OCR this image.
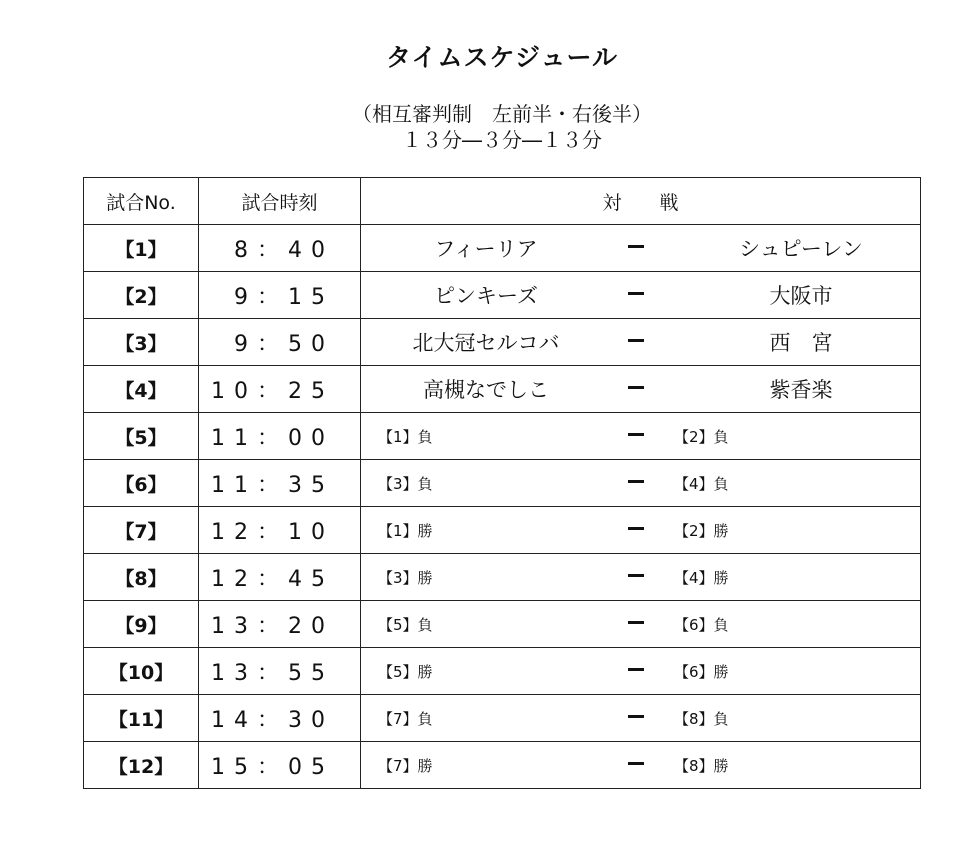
タイムスケジュール
（相互審判制　左前半・右後半）
１３分―３分―１３分
試合No.	試合時刻	対　　戦
【1】	8：40	フィーリア シュピーレン

【2】	9：15	ピンキーズ 大阪市

【3】	9：50	北大冠セルコバ 西　宮

【4】	10：25	高槻なでしこ 紫香楽

【5】	11：00	【1】負 【2】負

【6】	11：35	【3】負 【4】負

【7】	12：10	【1】勝 【2】勝

【8】	12：45	【3】勝 【4】勝

【9】	13：20	【5】負 【6】負

【10】	13：55	【5】勝 【6】勝

【11】	14：30	【7】負 【8】負

【12】	15：05	【7】勝 【8】勝
